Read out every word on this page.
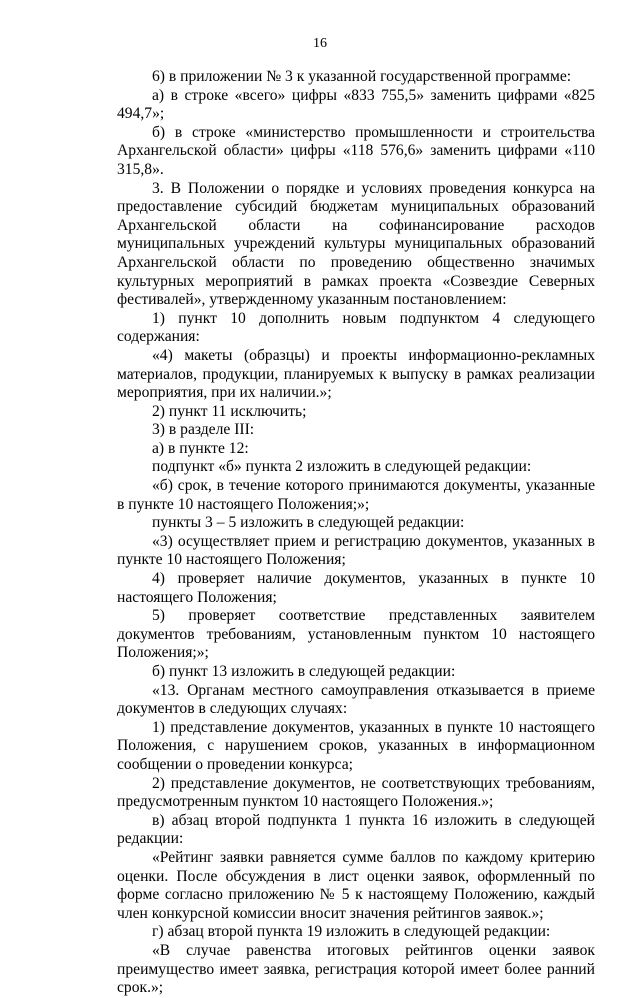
16

6) в приложении № 3 к указанной государственной программе:

а) в строке «всего» цифры «833 755,5» заменить цифрами «825 494,7»;

б) в строке «министерство промышленности и строительства Архангельской области» цифры «118 576,6» заменить цифрами «110 315,8».

3. В Положении о порядке и условиях проведения конкурса на предоставление субсидий бюджетам муниципальных образований Архангельской области на софинансирование расходов муниципальных учреждений культуры муниципальных образований Архангельской области по проведению общественно значимых культурных мероприятий в рамках проекта «Созвездие Северных фестивалей», утвержденному указанным постановлением:

1) пункт 10 дополнить новым подпунктом 4 следующего содержания:

«4) макеты (образцы) и проекты информационно-рекламных материалов, продукции, планируемых к выпуску в рамках реализации мероприятия, при их наличии.»;

2) пункт 11 исключить;

3) в разделе III:

а) в пункте 12:

подпункт «б» пункта 2 изложить в следующей редакции:

«б) срок, в течение которого принимаются документы, указанные в пункте 10 настоящего Положения;»;

пункты 3 – 5 изложить в следующей редакции:

«3) осуществляет прием и регистрацию документов, указанных в пункте 10 настоящего Положения;

4) проверяет наличие документов, указанных в пункте 10 настоящего Положения;

5) проверяет соответствие представленных заявителем документов требованиям, установленным пунктом 10 настоящего Положения;»;

б) пункт 13 изложить в следующей редакции:

«13. Органам местного самоуправления отказывается в приеме документов в следующих случаях:

1) представление документов, указанных в пункте 10 настоящего Положения, с нарушением сроков, указанных в информационном сообщении о проведении конкурса;

2) представление документов, не соответствующих требованиям, предусмотренным пунктом 10 настоящего Положения.»;

в) абзац второй подпункта 1 пункта 16 изложить в следующей редакции:

«Рейтинг заявки равняется сумме баллов по каждому критерию оценки. После обсуждения в лист оценки заявок, оформленный по форме согласно приложению № 5 к настоящему Положению, каждый член конкурсной комиссии вносит значения рейтингов заявок.»;

г) абзац второй пункта 19 изложить в следующей редакции:

«В случае равенства итоговых рейтингов оценки заявок преимущество имеет заявка, регистрация которой имеет более ранний срок.»;
